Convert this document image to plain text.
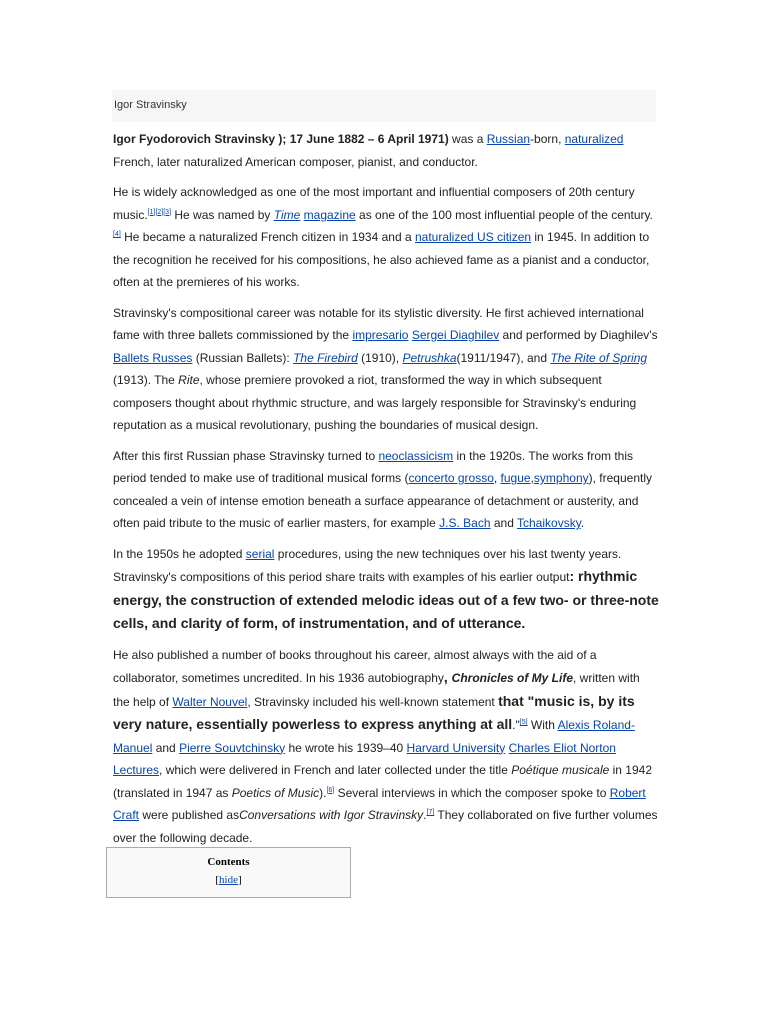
Igor Stravinsky

Igor Fyodorovich Stravinsky ); 17 June 1882 – 6 April 1971) was a Russian-born, naturalized French, later naturalized American composer, pianist, and conductor.

He is widely acknowledged as one of the most important and influential composers of 20th century music.[1][2][3] He was named by Time magazine as one of the 100 most influential people of the century.[4] He became a naturalized French citizen in 1934 and a naturalized US citizen in 1945. In addition to the recognition he received for his compositions, he also achieved fame as a pianist and a conductor, often at the premieres of his works.

Stravinsky's compositional career was notable for its stylistic diversity. He first achieved international fame with three ballets commissioned by the impresario Sergei Diaghilev and performed by Diaghilev's Ballets Russes (Russian Ballets): The Firebird (1910), Petrushka(1911/1947), and The Rite of Spring (1913). The Rite, whose premiere provoked a riot, transformed the way in which subsequent composers thought about rhythmic structure, and was largely responsible for Stravinsky's enduring reputation as a musical revolutionary, pushing the boundaries of musical design.

After this first Russian phase Stravinsky turned to neoclassicism in the 1920s. The works from this period tended to make use of traditional musical forms (concerto grosso, fugue,symphony), frequently concealed a vein of intense emotion beneath a surface appearance of detachment or austerity, and often paid tribute to the music of earlier masters, for example J.S. Bach and Tchaikovsky.

In the 1950s he adopted serial procedures, using the new techniques over his last twenty years. Stravinsky's compositions of this period share traits with examples of his earlier output: rhythmic energy, the construction of extended melodic ideas out of a few two- or three-note cells, and clarity of form, of instrumentation, and of utterance.

He also published a number of books throughout his career, almost always with the aid of a collaborator, sometimes uncredited. In his 1936 autobiography, Chronicles of My Life, written with the help of Walter Nouvel, Stravinsky included his well-known statement that "music is, by its very nature, essentially powerless to express anything at all."[5] With Alexis Roland-Manuel and Pierre Souvtchinsky he wrote his 1939–40 Harvard University Charles Eliot Norton Lectures, which were delivered in French and later collected under the title Poétique musicale in 1942 (translated in 1947 as Poetics of Music).[6] Several interviews in which the composer spoke to Robert Craft were published asConversations with Igor Stravinsky.[7] They collaborated on five further volumes over the following decade.

Contents
[hide]
